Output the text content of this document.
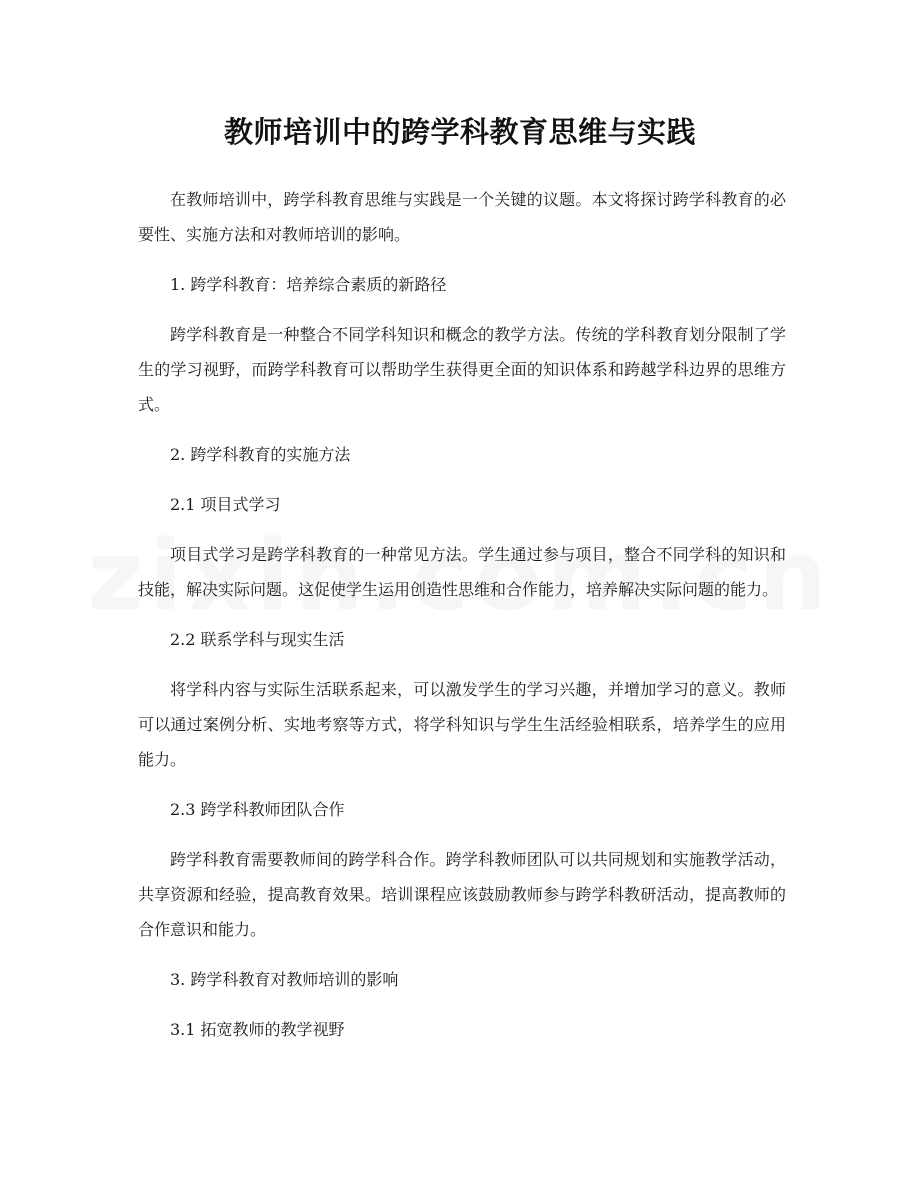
教师培训中的跨学科教育思维与实践

在教师培训中，跨学科教育思维与实践是一个关键的议题。本文将探讨跨学科教育的必要性、实施方法和对教师培训的影响。

1. 跨学科教育：培养综合素质的新路径

跨学科教育是一种整合不同学科知识和概念的教学方法。传统的学科教育划分限制了学生的学习视野，而跨学科教育可以帮助学生获得更全面的知识体系和跨越学科边界的思维方式。

2. 跨学科教育的实施方法

2.1 项目式学习

项目式学习是跨学科教育的一种常见方法。学生通过参与项目，整合不同学科的知识和技能，解决实际问题。这促使学生运用创造性思维和合作能力，培养解决实际问题的能力。

2.2 联系学科与现实生活

将学科内容与实际生活联系起来，可以激发学生的学习兴趣，并增加学习的意义。教师可以通过案例分析、实地考察等方式，将学科知识与学生生活经验相联系，培养学生的应用能力。

2.3 跨学科教师团队合作

跨学科教育需要教师间的跨学科合作。跨学科教师团队可以共同规划和实施教学活动，共享资源和经验，提高教育效果。培训课程应该鼓励教师参与跨学科教研活动，提高教师的合作意识和能力。

3. 跨学科教育对教师培训的影响

3.1 拓宽教师的教学视野
